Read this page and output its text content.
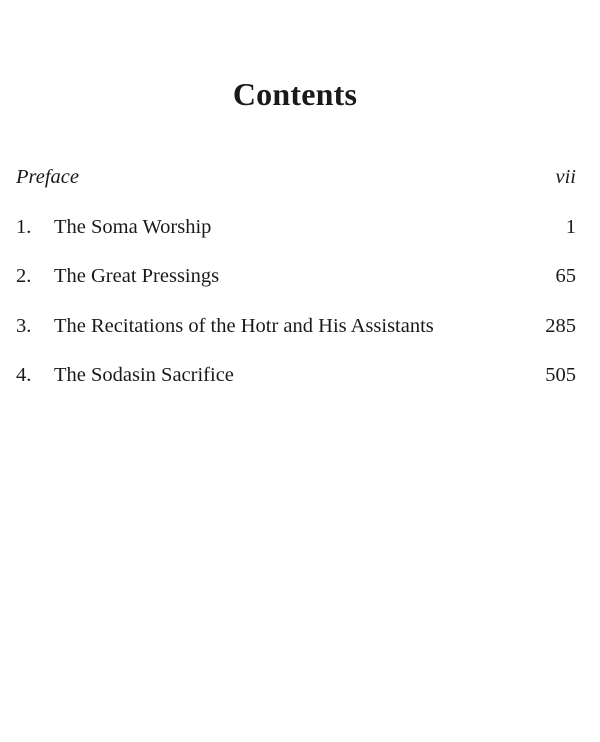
Contents
Preface	vii
1. The Soma Worship	1
2. The Great Pressings	65
3. The Recitations of the Hotr and His Assistants	285
4. The Sodasin Sacrifice	505
